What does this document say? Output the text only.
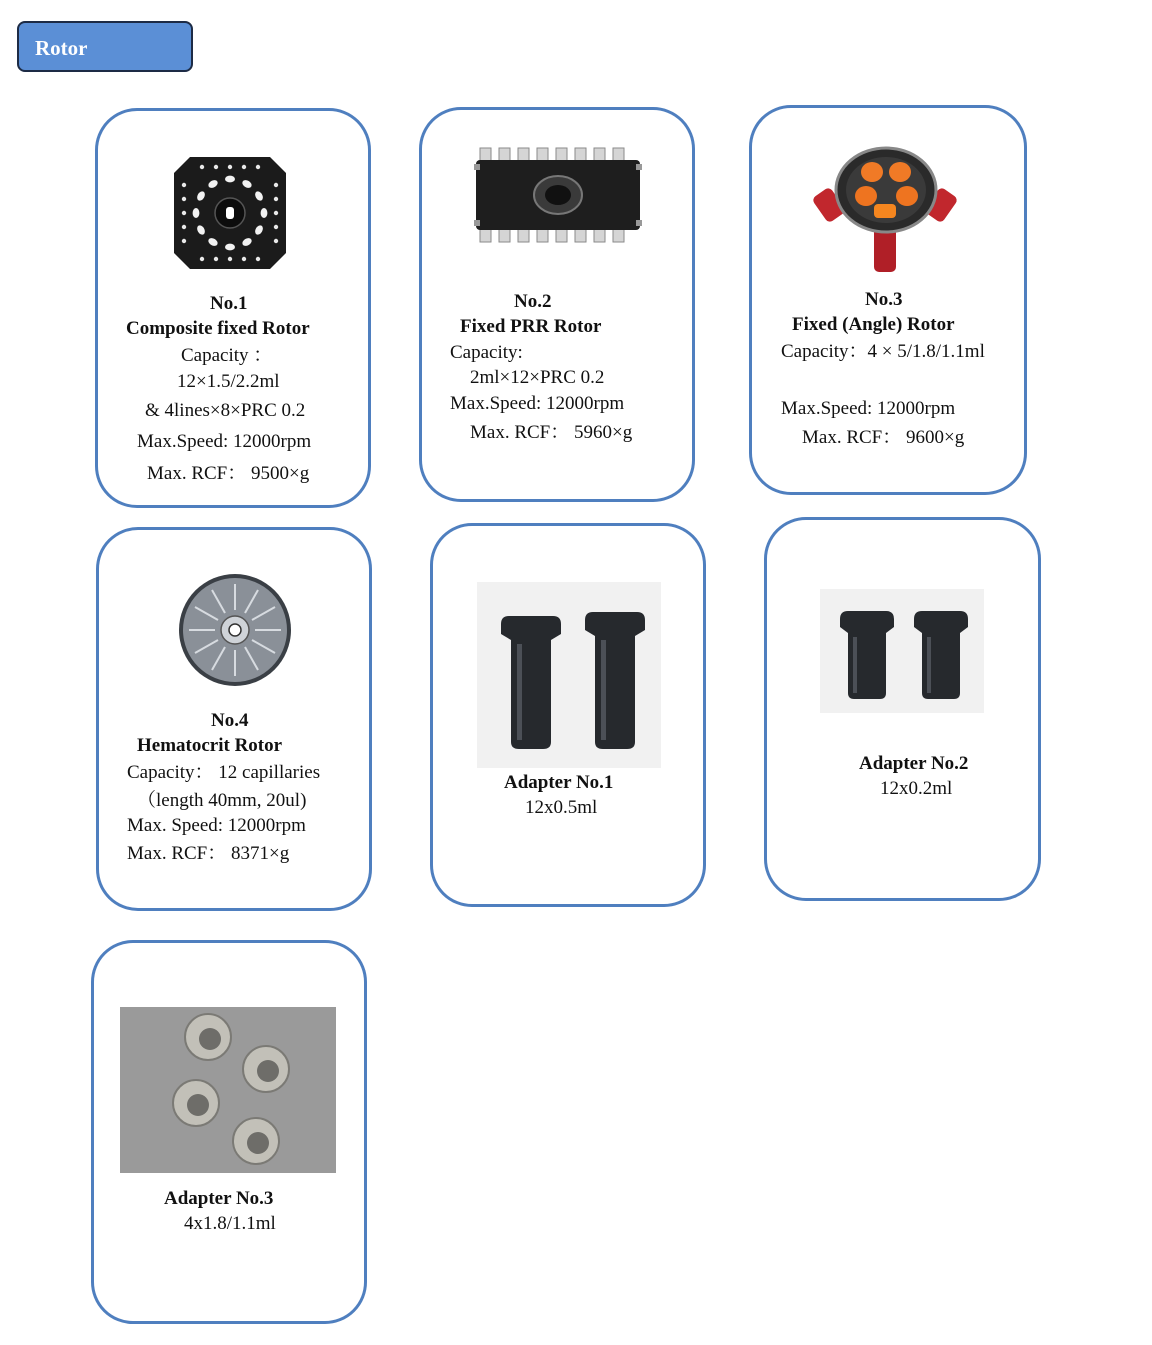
Rotor
No.1
Composite fixed Rotor
Capacity ：
12×1.5/2.2ml
& 4lines×8×PRC 0.2
Max.Speed: 12000rpm
Max. RCF： 9500×g
No.2
Fixed PRR Rotor
Capacity:
2ml×12×PRC 0.2
Max.Speed: 12000rpm
Max. RCF： 5960×g
No.3
Fixed (Angle) Rotor
Capacity：4 × 5/1.8/1.1ml
Max.Speed: 12000rpm
Max. RCF： 9600×g
No.4
Hematocrit Rotor
Capacity： 12 capillaries
（length 40mm, 20ul)
Max. Speed: 12000rpm
Max. RCF： 8371×g
Adapter No.1
12x0.5ml
Adapter No.2
12x0.2ml
Adapter No.3
4x1.8/1.1ml
